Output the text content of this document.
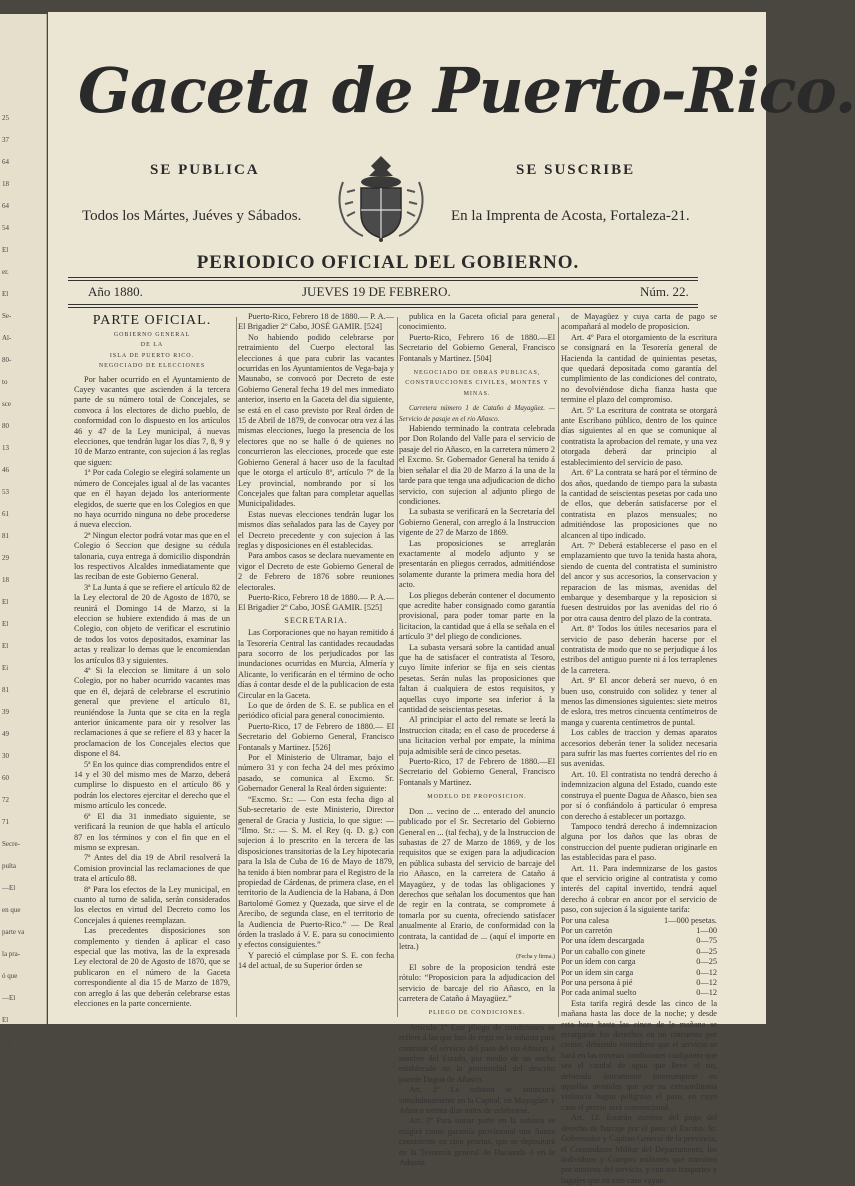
25
37
64
18
64
54
El
er.
El
Se-
Al-
80-
to
sce
80
13
46
53
61
81
29
18
El
El
El
Ei
81
39
49
30
60
72
71
Secre-
pulta
—El
en que
parte va
la pra-
ó que
—El
El
rno.
Gaceta de Puerto-Rico.
SE PUBLICA	SE SUSCRIBE
Todos los Mártes, Juéves y Sábados.	En la Imprenta de Acosta, Fortaleza-21.
PERIODICO OFICIAL DEL GOBIERNO.
Año 1880.	JUEVES 19 DE FEBRERO.	Núm. 22.

PARTE OFICIAL.

GOBIERNO GENERAL

DE LA

ISLA DE PUERTO RICO.

NEGOCIADO DE ELECCIONES

Por haber ocurrido en el Ayuntamiento de Cayey vacantes que ascienden á la tercera parte de su número total de Concejales, se convoca á los electores de dicho pueblo, de conformidad con lo dispuesto en los artículos 46 y 47 de la Ley municipal, á nuevas elecciones, que tendrán lugar los días 7, 8, 9 y 10 de Marzo entrante, con sujecion á las reglas que siguen:

1ª Por cada Colegio se elegirá solamente un número de Concejales igual al de las vacantes que en él hayan dejado los anteriormente elegidos, de suerte que en los Colegios en que no haya ocurrido ninguna no debe procederse á nueva eleccion.

2ª Ningun elector podrá votar mas que en el Colegio ó Seccion que designe su cédula talonaria, cuya entrega á domicilio dispondrán los respectivos Alcaldes inmediatamente que las reciban de este Gobierno General.

3ª La Junta á que se refiere el artículo 82 de la Ley electoral de 20 de Agosto de 1870, se reunirá el Domingo 14 de Marzo, si la eleccion se hubiere extendido á mas de un Colegio, con objeto de verificar el escrutinio de todos los votos depositados, examinar las actas y realizar lo demas que le encomiendan los artículos 83 y siguientes.

4ª Si la eleccion se limitare á un solo Colegio, por no haber ocurrido vacantes mas que en él, dejará de celebrarse el escrutinio general que previene el artículo 81, reuniéndose la Junta que se cita en la regla anterior únicamente para oir y resolver las reclamaciones á que se refiere el 83 y hacer la proclamacion de los Concejales electos que dispone el 84.

5ª En los quince dias comprendidos entre el 14 y el 30 del mismo mes de Marzo, deberá cumplirse lo dispuesto en el artículo 86 y podrán los electores ejercitar el derecho que el mismo artículo les concede.

6ª El dia 31 inmediato siguiente, se verificará la reunion de que habla el artículo 87 en los términos y con el fin que en el mismo se expresan.

7ª Antes del dia 19 de Abril resolverá la Comision provincial las reclamaciones de que trata el artículo 88.

8ª Para los efectos de la Ley municipal, en cuanto al turno de salida, serán considerados los electos en virtud del Decreto como los Concejales á quienes reemplazan.

Las precedentes disposiciones son complemento y tienden á aplicar el caso especial que las motiva, las de la expresada Ley electoral de 20 de Agosto de 1870, que se publicaron en el número de la Gaceta correspondiente al dia 15 de Marzo de 1879, con arreglo á las que deberán celebrarse estas elecciones en la parte concerniente.

Puerto-Rico, Febrero 18 de 1880.— P. A.—El Brigadier 2º Cabo, JOSÉ GAMIR. [524]

No habiendo podido celebrarse por retraimiento del Cuerpo electoral las elecciones á que para cubrir las vacantes ocurridas en los Ayuntamientos de Vega-baja y Maunabo, se convocó por Decreto de este Gobierno General fecha 19 del mes inmediato anterior, inserto en la Gaceta del dia siguiente, se está en el caso previsto por Real órden de 15 de Abril de 1879, de convocar otra vez á las mismas elecciones, luego la presencia de los electores que no se halle ó de quienes no concurrieron las elecciones, procede que este Gobierno General á hacer uso de la facultad que le otorga el artículo 8º, artículo 7º de la Ley provincial, nombrando por sí los Concejales que faltan para completar aquellas Municipalidades.

Estas nuevas elecciones tendrán lugar los mismos días señalados para las de Cayey por el Decreto precedente y con sujecion á las reglas y disposiciones en él establecidas.

Para ambos casos se declara nuevamente en vigor el Decreto de este Gobierno General de 2 de Febrero de 1876 sobre reuniones electorales.

Puerto-Rico, Febrero 18 de 1880.— P. A.—El Brigadier 2º Cabo, JOSÉ GAMIR. [525]

SECRETARIA.

Las Corporaciones que no hayan remitido á la Tesorería Central las cantidades recaudadas para socorro de los perjudicados por las inundaciones ocurridas en Murcia, Almería y Alicante, lo verificarán en el término de ocho días á contar desde el de la publicacion de esta Circular en la Gaceta.

Lo que de órden de S. E. se publica en el periódico oficial para general conocimiento.

Puerto-Rico, 17 de Febrero de 1880.— El Secretario del Gobierno General, Francisco Fontanals y Martinez. [526]

Por el Ministerio de Ultramar, bajo el número 31 y con fecha 24 del mes próximo pasado, se comunica al Excmo. Sr. Gobernador General la Real órden siguiente:

“Excmo. Sr.: — Con esta fecha digo al Sub-secretario de este Ministerio, Director general de Gracia y Justicia, lo que sigue: — “Ilmo. Sr.: — S. M. el Rey (q. D. g.) con sujecion á lo prescrito en la tercera de las disposiciones transitorias de la Ley hipotecaria para la Isla de Cuba de 16 de Mayo de 1879, ha tenido á bien nombrar para el Registro de la propiedad de Cárdenas, de primera clase, en el territorio de la Audiencia de la Habana, á Don Bartolomé Gomez y Quezada, que sirve el de Arecibo, de segunda clase, en el territorio de la Audiencia de Puerto-Rico.” — De Real órden la traslado á V. E. para su conocimiento y efectos consiguientes.”

Y pareció el cúmplase por S. E. con fecha 14 del actual, de su Superior órden se

publica en la Gaceta oficial para general conocimiento.

Puerto-Rico, Febrero 16 de 1880.—El Secretario del Gobierno General, Francisco Fontanals y Martinez. [504]

NEGOCIADO DE OBRAS PUBLICAS, CONSTRUCCIONES CIVILES, MONTES Y MINAS.

Carretera número 1 de Cataño á Mayagüez. — Servicio de pasaje en el rio Añasco.

Habiendo terminado la contrata celebrada por Don Rolando del Valle para el servicio de pasaje del rio Añasco, en la carretera número 2 el Excmo. Sr. Gobernador General ha tenido á bien señalar el dia 20 de Marzo á la una de la tarde para que tenga una adjudicacion de dicho servicio, con sujecion al adjunto pliego de condiciones.

La subasta se verificará en la Secretaría del Gobierno General, con arreglo á la Instruccion vigente de 27 de Marzo de 1869.

Las proposiciones se arreglarán exactamente al modelo adjunto y se presentarán en pliegos cerrados, admitiéndose solamente durante la primera media hora del acto.

Los pliegos deberán contener el documento que acredite haber consignado como garantía provisional, para poder tomar parte en la licitacion, la cantidad que á ella se señala en el artículo 3º del pliego de condiciones.

La subasta versará sobre la cantidad anual que ha de satisfacer el contratista al Tesoro, cuyo límite inferior se fija en seis cientas pesetas. Serán nulas las proposiciones que faltan á cualquiera de estos requisitos, y aquellas cuyo importe sea inferior á la cantidad de seiscientas pesetas.

Al principiar el acto del remate se leerá la Instruccion citada; en el caso de procederse á una licitacion verbal por empate, la mínima puja admisible será de cinco pesetas.

Puerto-Rico, 17 de Febrero de 1880.—El Secretario del Gobierno General, Francisco Fontanals y Martinez.

MODELO DE PROPOSICION.

Don ... vecino de ... enterado del anuncio publicado por el Sr. Secretario del Gobierno General en ... (tal fecha), y de la Instruccion de subastas de 27 de Marzo de 1869, y de los requisitos que se exigen para la adjudicacion en pública subasta del servicio de barcaje del rio Añasco, en la carretera de Cataño á Mayagüez, y de todas las obligaciones y derechos que señalan los documentos que han de regir en la contrata, se compromete á tomarla por su cuenta, ofreciendo satisfacer anualmente al Erario, de conformidad con la contrata, la cantidad de ... (aquí el importe en letra.)

(Fecha y firma.)

El sobre de la proposicion tendrá este rótulo: “Proposicion para la adjudicacion del servicio de barcaje del rio Añasco, en la carretera de Cataño á Mayagüez.”

PLIEGO DE CONDICIONES.

Artículo 1º Este pliego de condiciones se refiere á las que han de regir en la subasta para contratar el servicio del paso del rio Añasco, á nombre del Estado, por medio de un ancho establecido en la proximidad del descrito puente Dagua de Añasco.

Art. 2º La subasta se anunciará simultáneamente en la Capital, en Mayagüez y Añasco treinta días antes de celebrarse.

Art. 3º Para tomar parte en la subasta se exigirá como garantía provisional una fianza consistente en cien pesetas, que se depositará en la Tesorería general de Hacienda ó en la Aduana

de Mayagüez y cuya carta de pago se acompañará al modelo de proposicion.

Art. 4º Para el otorgamiento de la escritura se consignará en la Tesorería general de Hacienda la cantidad de quinientas pesetas, que quedará depositada como garantía del cumplimiento de las condiciones del contrato, no devolviéndose dicha fianza hasta que termine el plazo del compromiso.

Art. 5º La escritura de contrata se otorgará ante Escribano público, dentro de los quince días siguientes al en que se comunique al contratista la aprobacion del remate, y una vez otorgada deberá dar principio al establecimiento del servicio de paso.

Art. 6º La contrata se hará por el término de dos años, quedando de tiempo para la subasta la cantidad de seiscientas pesetas por cada uno de ellos, que deberán satisfacerse por el contratista en plazos mensuales; no admitiéndose las proposiciones que no alcancen al tipo indicado.

Art. 7º Deberá establecerse el paso en el emplazamiento que tuvo la tenida hasta ahora, siendo de cuenta del contratista el suministro del ancor y sus accesorios, la conservacion y reparacion de las mismas, avenidas del embarque y desembarque y la reposicion si fuesen destruidos por las avenidas del rio ó por otra causa dentro del plazo de la contrata.

Art. 8º Todos los útiles necesarios para el servicio de paso deberán hacerse por el contratista de modo que no se perjudique á los estribos del antiguo puente ni á los terraplenes de la carretera.

Art. 9º El ancor deberá ser nuevo, ó en buen uso, construido con solidez y tener al menos las dimensiones siguientes: siete metros de eslora, tres metros cincuenta centímetros de manga y cuarenta centímetros de puntal.

Los cables de traccion y demas aparatos accesorios deberán tener la solidez necesaria para sufrir las mas fuertes corrientes del rio en sus avenidas.

Art. 10. El contratista no tendrá derecho á indemnizacion alguna del Estado, cuando este construya el puente Dagua de Añasco, bien sea por sí ó confiándolo á particular ó empresa con derecho á establecer un portazgo.

Tampoco tendrá derecho á indemnizacion alguna por los daños que las obras de construccion del puente pudieran originarle en las establecidas para el paso.

Art. 11. Para indemnizarse de los gastos que el servicio origine al contratista y como interés del capital invertido, tendrá aquel derecho á cobrar en ancor por el servicio de paso, con sujecion á la siguiente tarifa:

Por una calesa	1—000 pesetas.
Por un carretón	1—00
Por una ídem descargada	0—75
Por un caballo con ginete	0—25
Por un ídem con carga	0—25
Por un ídem sin carga	0—12
Por una persona á pié	0—12
Por cada animal suelto	0—12

Esta tarifa regirá desde las cinco de la mañana hasta las doce de la noche; y desde esta hora hasta las cinco de la mañana se recargarán los derechos en un cincuenta por ciento; debiendo entenderse que el servicio se hará en las mismas condiciones cualquiera que sea el caudal de agua que lleve el rio, debiendo únicamente interrumpirse en aquellas avenidas que por su extraordinaria violencia hagan peligroso el paso, en cuyo caso el precio será convencional.

Art. 12. Estarán exentos del pago del derecho de barcaje por el paso: el Excmo. Sr. Gobernador y Capitan General de la provincia, el Comandante Militar del Departamento, los individuos y Cuerpos militares que transiten por motivos del servicio, y con sus trasportes y bagajes que en este caso vayan.
